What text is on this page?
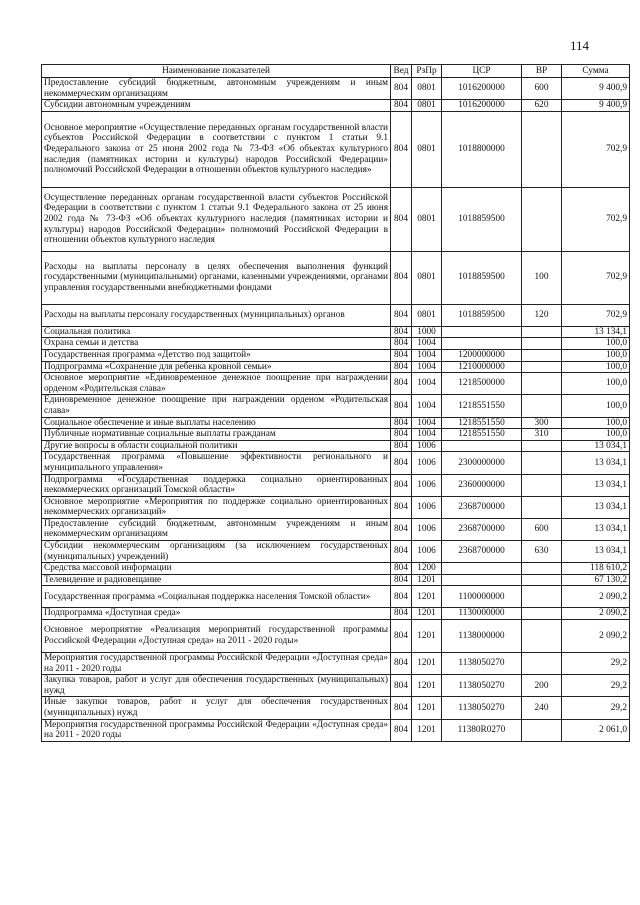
114
Наименование показателей	Вед	РзПр	ЦСР	ВР	Сумма
Предоставление субсидий бюджетным, автономным учреждениям и иным некоммерческим организациям	804	0801	1016200000	600	9 400,9
Субсидии автономным учреждениям	804	0801	1016200000	620	9 400,9
Основное мероприятие «Осуществление переданных органам государственной власти субъектов Российской Федерации в соответствии с пунктом 1 статьи 9.1 Федерального закона от 25 июня 2002 года № 73-ФЗ «Об объектах культурного наследия (памятниках истории и культуры) народов Российской Федерации» полномочий Российской Федерации в отношении объектов культурного наследия»	804	0801	1018800000		702,9
Осуществление переданных органам государственной власти субъектов Российской Федерации в соответствии с пунктом 1 статьи 9.1 Федерального закона от 25 июня 2002 года № 73-ФЗ «Об объектах культурного наследия (памятниках истории и культуры) народов Российской Федерации» полномочий Российской Федерации в отношении объектов культурного наследия	804	0801	1018859500		702,9
Расходы на выплаты персоналу в целях обеспечения выполнения функций государственными (муниципальными) органами, казенными учреждениями, органами управления государственными внебюджетными фондами	804	0801	1018859500	100	702,9
Расходы на выплаты персоналу государственных (муниципальных) органов	804	0801	1018859500	120	702,9
Социальная политика	804	1000			13 134,1
Охрана семьи и детства	804	1004			100,0
Государственная программа «Детство под защитой»	804	1004	1200000000		100,0
Подпрограмма «Сохранение для ребенка кровной семьи»	804	1004	1210000000		100,0
Основное мероприятие «Единовременное денежное поощрение при награждении орденом «Родительская слава»	804	1004	1218500000		100,0
Единовременное денежное поощрение при награждении орденом «Родительская слава»	804	1004	1218551550		100,0
Социальное обеспечение и иные выплаты населению	804	1004	1218551550	300	100,0
Публичные нормативные социальные выплаты гражданам	804	1004	1218551550	310	100,0
Другие вопросы в области социальной политики	804	1006			13 034,1
Государственная программа «Повышение эффективности регионального и муниципального управления»	804	1006	2300000000		13 034,1
Подпрограмма «Государственная поддержка социально ориентированных некоммерческих организаций Томской области»	804	1006	2360000000		13 034,1
Основное мероприятие «Мероприятия по поддержке социально ориентированных некоммерческих организаций»	804	1006	2368700000		13 034,1
Предоставление субсидий бюджетным, автономным учреждениям и иным некоммерческим организациям	804	1006	2368700000	600	13 034,1
Субсидии некоммерческим организациям (за исключением государственных (муниципальных) учреждений)	804	1006	2368700000	630	13 034,1
Средства массовой информации	804	1200			118 610,2
Телевидение и радиовещание	804	1201			67 130,2
Государственная программа «Социальная поддержка населения Томской области»	804	1201	1100000000		2 090,2
Подпрограмма «Доступная среда»	804	1201	1130000000		2 090,2
Основное мероприятие «Реализация мероприятий государственной программы Российской Федерации «Доступная среда» на 2011 - 2020 годы»	804	1201	1138000000		2 090,2
Мероприятия государственной программы Российской Федерации «Доступная среда» на 2011 - 2020 годы	804	1201	1138050270		29,2
Закупка товаров, работ и услуг для обеспечения государственных (муниципальных) нужд	804	1201	1138050270	200	29,2
Иные закупки товаров, работ и услуг для обеспечения государственных (муниципальных) нужд	804	1201	1138050270	240	29,2
Мероприятия государственной программы Российской Федерации «Доступная среда» на 2011 - 2020 годы	804	1201	11380R0270		2 061,0
